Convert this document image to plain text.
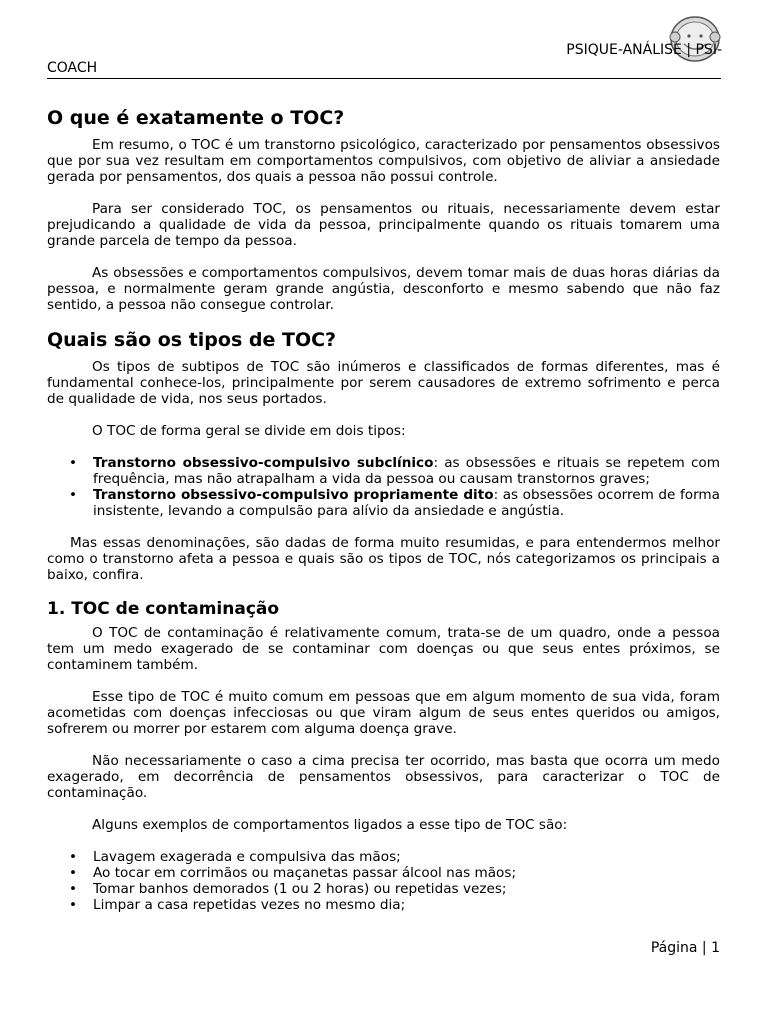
PSIQUE-ANÁLISE | PSI-
COACH
O que é exatamente o TOC?

Em resumo, o TOC é um transtorno psicológico, caracterizado por pensamentos obsessivos que por sua vez resultam em comportamentos compulsivos, com objetivo de aliviar a ansiedade gerada por pensamentos, dos quais a pessoa não possui controle.

Para ser considerado TOC, os pensamentos ou rituais, necessariamente devem estar prejudicando a qualidade de vida da pessoa, principalmente quando os rituais tomarem uma grande parcela de tempo da pessoa.

As obsessões e comportamentos compulsivos, devem tomar mais de duas horas diárias da pessoa, e normalmente geram grande angústia, desconforto e mesmo sabendo que não faz sentido, a pessoa não consegue controlar.

Quais são os tipos de TOC?

Os tipos de subtipos de TOC são inúmeros e classificados de formas diferentes, mas é fundamental conhece-los, principalmente por serem causadores de extremo sofrimento e perca de qualidade de vida, nos seus portados.

O TOC de forma geral se divide em dois tipos:

• Transtorno obsessivo-compulsivo subclínico: as obsessões e rituais se repetem com frequência, mas não atrapalham a vida da pessoa ou causam transtornos graves;
• Transtorno obsessivo-compulsivo propriamente dito: as obsessões ocorrem de forma insistente, levando a compulsão para alívio da ansiedade e angústia.

Mas essas denominações, são dadas de forma muito resumidas, e para entendermos melhor como o transtorno afeta a pessoa e quais são os tipos de TOC, nós categorizamos os principais a baixo, confira.

1. TOC de contaminação

O TOC de contaminação é relativamente comum, trata-se de um quadro, onde a pessoa tem um medo exagerado de se contaminar com doenças ou que seus entes próximos, se contaminem também.

Esse tipo de TOC é muito comum em pessoas que em algum momento de sua vida, foram acometidas com doenças infecciosas ou que viram algum de seus entes queridos ou amigos, sofrerem ou morrer por estarem com alguma doença grave.

Não necessariamente o caso a cima precisa ter ocorrido, mas basta que ocorra um medo exagerado, em decorrência de pensamentos obsessivos, para caracterizar o TOC de contaminação.

Alguns exemplos de comportamentos ligados a esse tipo de TOC são:

• Lavagem exagerada e compulsiva das mãos;
• Ao tocar em corrimãos ou maçanetas passar álcool nas mãos;
• Tomar banhos demorados (1 ou 2 horas) ou repetidas vezes;
• Limpar a casa repetidas vezes no mesmo dia;
Página | 1
